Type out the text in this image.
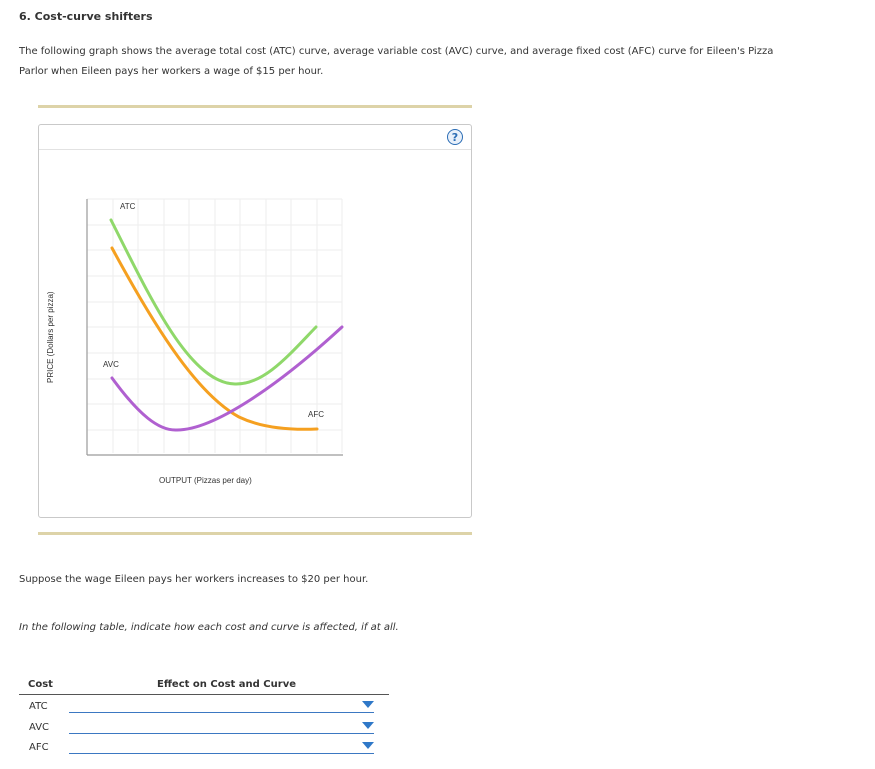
6. Cost-curve shifters
The following graph shows the average total cost (ATC) curve, average variable cost (AVC) curve, and average fixed cost (AFC) curve for Eileen's Pizza Parlor when Eileen pays her workers a wage of $15 per hour.
?
ATC
AVC
AFC
OUTPUT (Pizzas per day)
PRICE (Dollars per pizza)
Suppose the wage Eileen pays her workers increases to $20 per hour.
In the following table, indicate how each cost and curve is affected, if at all.
Cost	Effect on Cost and Curve
ATC
AVC
AFC
